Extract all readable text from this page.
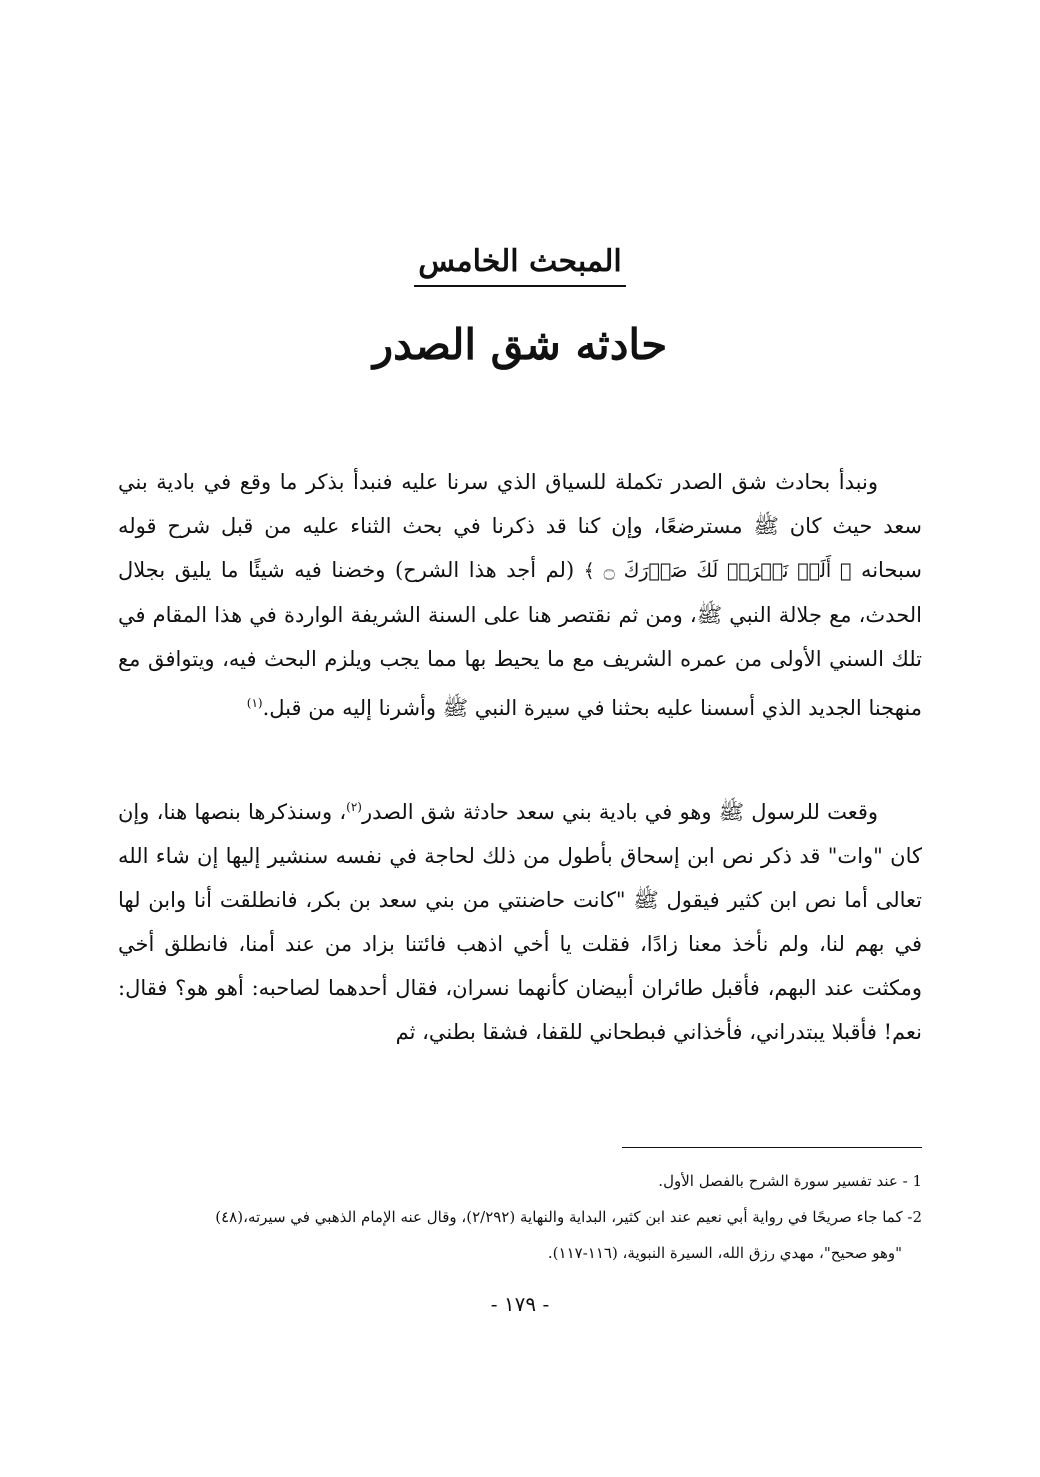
المبحث الخامس
حادثه شق الصدر
ونبدأ بحادث شق الصدر تكملة للسياق الذي سرنا عليه فنبدأ بذكر ما وقع في بادية بني سعد حيث كان ﷺ مسترضعًا، وإن كنا قد ذكرنا في بحث الثناء عليه من قبل شرح قوله سبحانه ﴿ أَلَمۡ نَشۡرَحۡ لَكَ صَدۡرَكَ ۝ ﴾ (لم أجد هذا الشرح) وخضنا فيه شيئًا ما يليق بجلال الحدث، مع جلالة النبي ﷺ، ومن ثم نقتصر هنا على السنة الشريفة الواردة في هذا المقام في تلك السني الأولى من عمره الشريف مع ما يحيط بها مما يجب ويلزم البحث فيه، ويتوافق مع منهجنا الجديد الذي أسسنا عليه بحثنا في سيرة النبي ﷺ وأشرنا إليه من قبل.$^{(١)}$
وقعت للرسول ﷺ وهو في بادية بني سعد حادثة شق الصدر$^{(٢)}$، وسنذكرها بنصها هنا، وإن كان "وات" قد ذكر نص ابن إسحاق بأطول من ذلك لحاجة في نفسه سنشير إليها إن شاء الله تعالى أما نص ابن كثير فيقول ﷺ "كانت حاضنتي من بني سعد بن بكر، فانطلقت أنا وابن لها في بهم لنا، ولم نأخذ معنا زادًا، فقلت يا أخي اذهب فائتنا بزاد من عند أمنا، فانطلق أخي ومكثت عند البهم، فأقبل طائران أبيضان كأنهما نسران، فقال أحدهما لصاحبه: أهو هو؟ فقال: نعم! فأقبلا يبتدراني، فأخذاني فبطحاني للقفا، فشقا بطني، ثم

1 - عند تفسير سورة الشرح بالفصل الأول.

2- كما جاء صريحًا في رواية أبي نعيم عند ابن كثير، البداية والنهاية (٢/٢٩٢)، وقال عنه الإمام الذهبي في سيرته،(٤٨)

"وهو صحيح"، مهدي رزق الله، السيرة النبوية، (١١٦-١١٧).

- ١٧٩ -
